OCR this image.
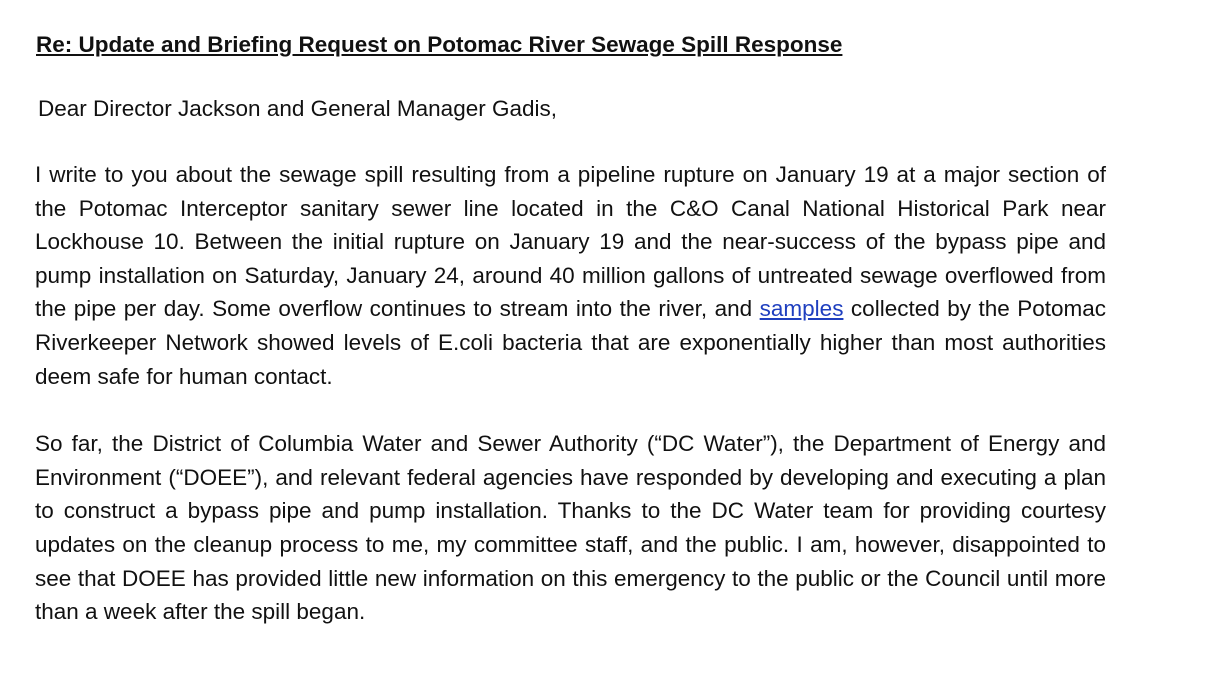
Re: Update and Briefing Request on Potomac River Sewage Spill Response
Dear Director Jackson and General Manager Gadis,

I write to you about the sewage spill resulting from a pipeline rupture on January 19 at a major section of the Potomac Interceptor sanitary sewer line located in the C&O Canal National Historical Park near Lockhouse 10. Between the initial rupture on January 19 and the near-success of the bypass pipe and pump installation on Saturday, January 24, around 40 million gallons of untreated sewage overflowed from the pipe per day. Some overflow continues to stream into the river, and samples collected by the Potomac Riverkeeper Network showed levels of E.coli bacteria that are exponentially higher than most authorities deem safe for human contact.

So far, the District of Columbia Water and Sewer Authority (“DC Water”), the Department of Energy and Environment (“DOEE”), and relevant federal agencies have responded by developing and executing a plan to construct a bypass pipe and pump installation. Thanks to the DC Water team for providing courtesy updates on the cleanup process to me, my committee staff, and the public. I am, however, disappointed to see that DOEE has provided little new information on this emergency to the public or the Council until more than a week after the spill began.
